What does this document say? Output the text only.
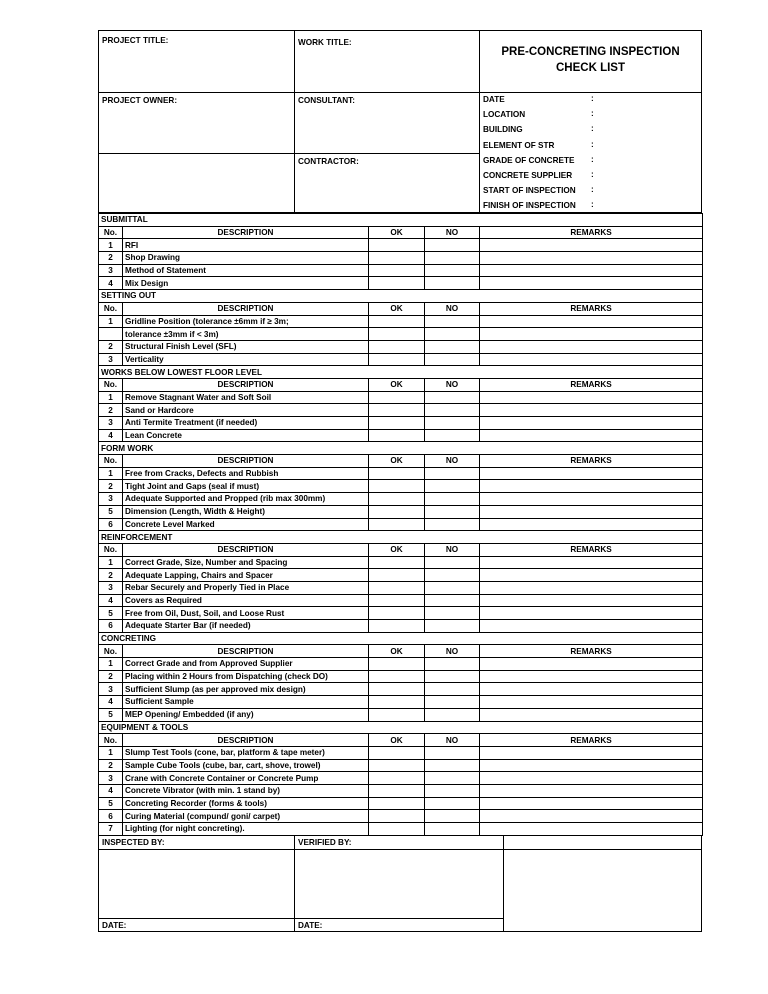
PROJECT TITLE:	WORK TITLE:
PRE-CONCRETING INSPECTION
CHECK LIST
PROJECT OWNER:	CONSULTANT:
CONTRACTOR:
DATE	:
LOCATION	:
BUILDING	:
ELEMENT OF STR	:
GRADE OF CONCRETE :
CONCRETE SUPPLIER :
START OF INSPECTION :
FINISH OF INSPECTION :
SUBMITTAL				
No.	DESCRIPTION	OK	NO	REMARKS
1	RFI			
2	Shop Drawing			
3	Method of Statement			
4	Mix Design			
SETTING OUT				
No.	DESCRIPTION	OK	NO	REMARKS
1	Gridline Position (tolerance ±6mm if ≥ 3m;			
	tolerance ±3mm if < 3m)			
2	Structural Finish Level (SFL)			
3	Verticality			
WORKS BELOW LOWEST FLOOR LEVEL				
No.	DESCRIPTION	OK	NO	REMARKS
1	Remove Stagnant Water and Soft Soil			
2	Sand or Hardcore			
3	Anti Termite Treatment (if needed)			
4	Lean Concrete			
FORM WORK				
No.	DESCRIPTION	OK	NO	REMARKS
1	Free from Cracks, Defects and Rubbish			
2	Tight Joint and Gaps (seal if must)			
3	Adequate Supported and Propped (rib max 300mm)			
5	Dimension (Length, Width & Height)			
6	Concrete Level Marked			
REINFORCEMENT				
No.	DESCRIPTION	OK	NO	REMARKS
1	Correct Grade, Size, Number and Spacing			
2	Adequate Lapping, Chairs and Spacer			
3	Rebar Securely and Properly Tied in Place			
4	Covers as Required			
5	Free from Oil, Dust, Soil, and Loose Rust			
6	Adequate Starter Bar (if needed)			
CONCRETING				
No.	DESCRIPTION	OK	NO	REMARKS
1	Correct Grade and from Approved Supplier			
2	Placing within 2 Hours from Dispatching (check DO)			
3	Sufficient Slump (as per approved mix design)			
4	Sufficient Sample			
5	MEP Opening/ Embedded (if any)			
EQUIPMENT & TOOLS				
No.	DESCRIPTION	OK	NO	REMARKS
1	Slump Test Tools (cone, bar, platform & tape meter)			
2	Sample Cube Tools (cube, bar, cart, shove, trowel)			
3	Crane with Concrete Container or Concrete Pump			
4	Concrete Vibrator (with min. 1 stand by)			
5	Concreting Recorder (forms & tools)			
6	Curing Material (compund/ goni/ carpet)			
7	Lighting (for night concreting).			
INSPECTED BY:	VERIFIED BY:
DATE:	DATE:
